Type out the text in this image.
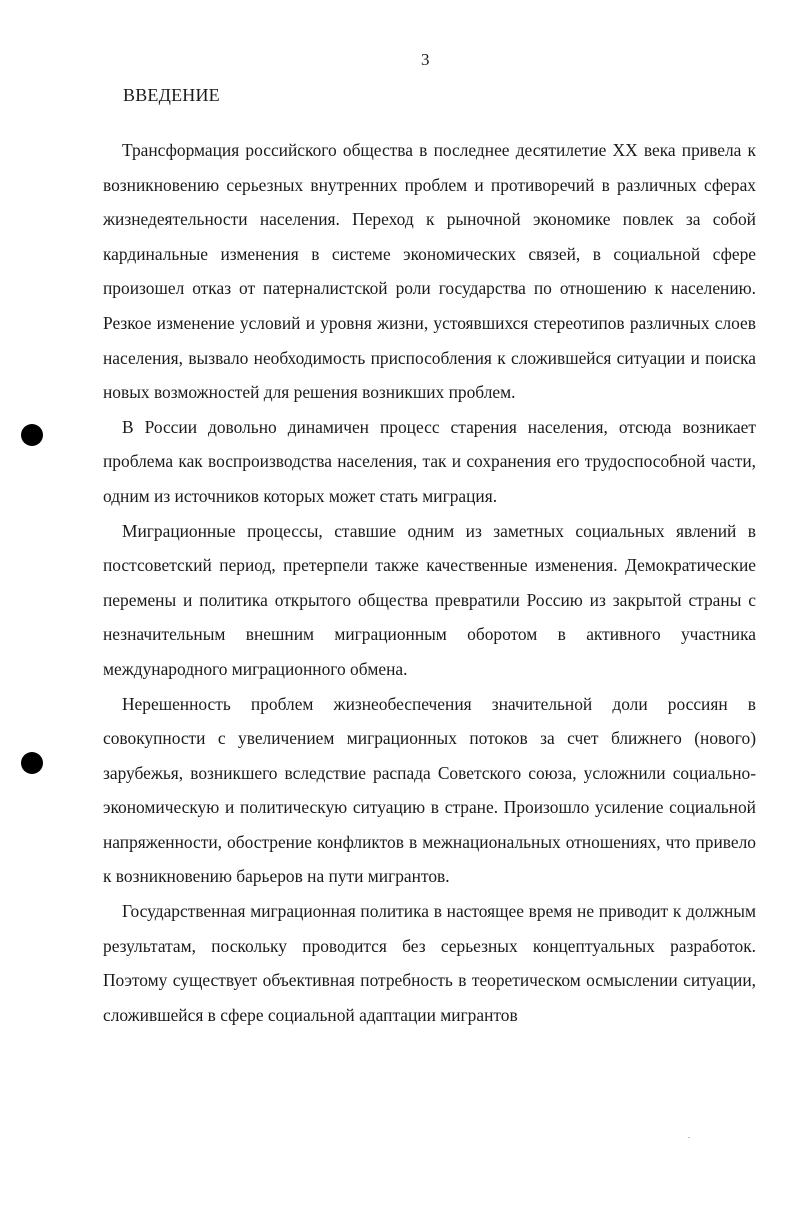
3
ВВЕДЕНИЕ

Трансформация российского общества в последнее десятилетие XX века привела к возникновению серьезных внутренних проблем и противоречий в различных сферах жизнедеятельности населения. Переход к рыночной экономике повлек за собой кардинальные изменения в системе экономических связей, в социальной сфере произошел отказ от патерналистской роли государства по отношению к населению. Резкое изменение условий и уровня жизни, устоявшихся стереотипов различных слоев населения, вызвало необходимость приспособления к сложившейся ситуации и поиска новых возможностей для решения возникших проблем.

В России довольно динамичен процесс старения населения, отсюда возникает проблема как воспроизводства населения, так и сохранения его трудоспособной части, одним из источников которых может стать миграция.

Миграционные процессы, ставшие одним из заметных социальных явлений в постсоветский период, претерпели также качественные изменения. Демократические перемены и политика открытого общества превратили Россию из закрытой страны с незначительным внешним миграционным оборотом в активного участника международного миграционного обмена.

Нерешенность проблем жизнеобеспечения значительной доли россиян в совокупности с увеличением миграционных потоков за счет ближнего (нового) зарубежья, возникшего вследствие распада Советского союза, усложнили социально-экономическую и политическую ситуацию в стране. Произошло усиление социальной напряженности, обострение конфликтов в межнациональных отношениях, что привело к возникновению барьеров на пути мигрантов.

Государственная миграционная политика в настоящее время не приводит к должным результатам, поскольку проводится без серьезных концептуальных разработок. Поэтому существует объективная потребность в теоретическом осмыслении ситуации, сложившейся в сфере социальной адаптации мигрантов
